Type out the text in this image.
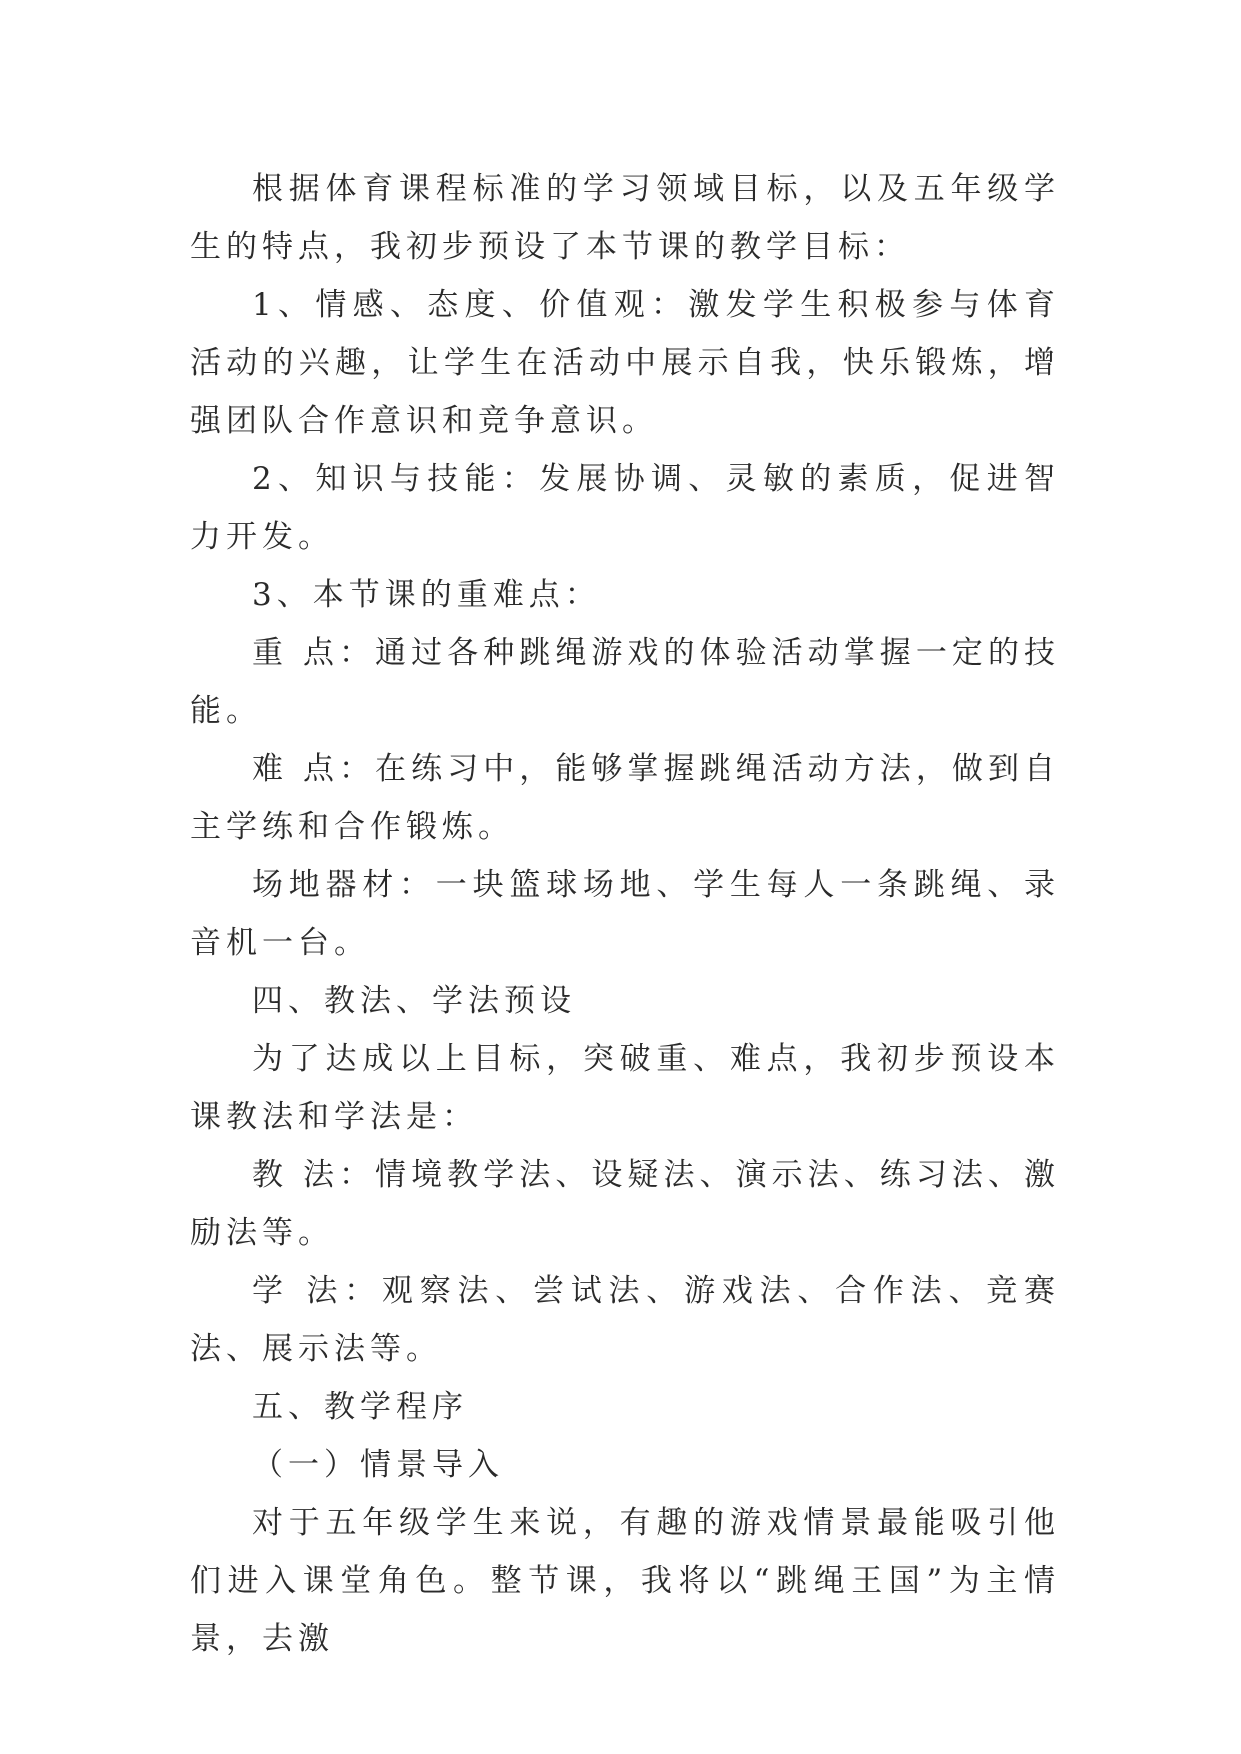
根据体育课程标准的学习领域目标，以及五年级学生的特点，我初步预设了本节课的教学目标：

1、情感、态度、价值观：激发学生积极参与体育活动的兴趣，让学生在活动中展示自我，快乐锻炼，增强团队合作意识和竞争意识。

2、知识与技能：发展协调、灵敏的素质，促进智力开发。

3、本节课的重难点：

重 点：通过各种跳绳游戏的体验活动掌握一定的技能。

难 点：在练习中，能够掌握跳绳活动方法，做到自主学练和合作锻炼。

场地器材：一块篮球场地、学生每人一条跳绳、录音机一台。

四、教法、学法预设

为了达成以上目标，突破重、难点，我初步预设本课教法和学法是：

教 法：情境教学法、设疑法、演示法、练习法、激励法等。

学 法：观察法、尝试法、游戏法、合作法、竞赛法、展示法等。

五、教学程序

（一）情景导入

对于五年级学生来说，有趣的游戏情景最能吸引他们进入课堂角色。整节课，我将以“跳绳王国”为主情景，去激
